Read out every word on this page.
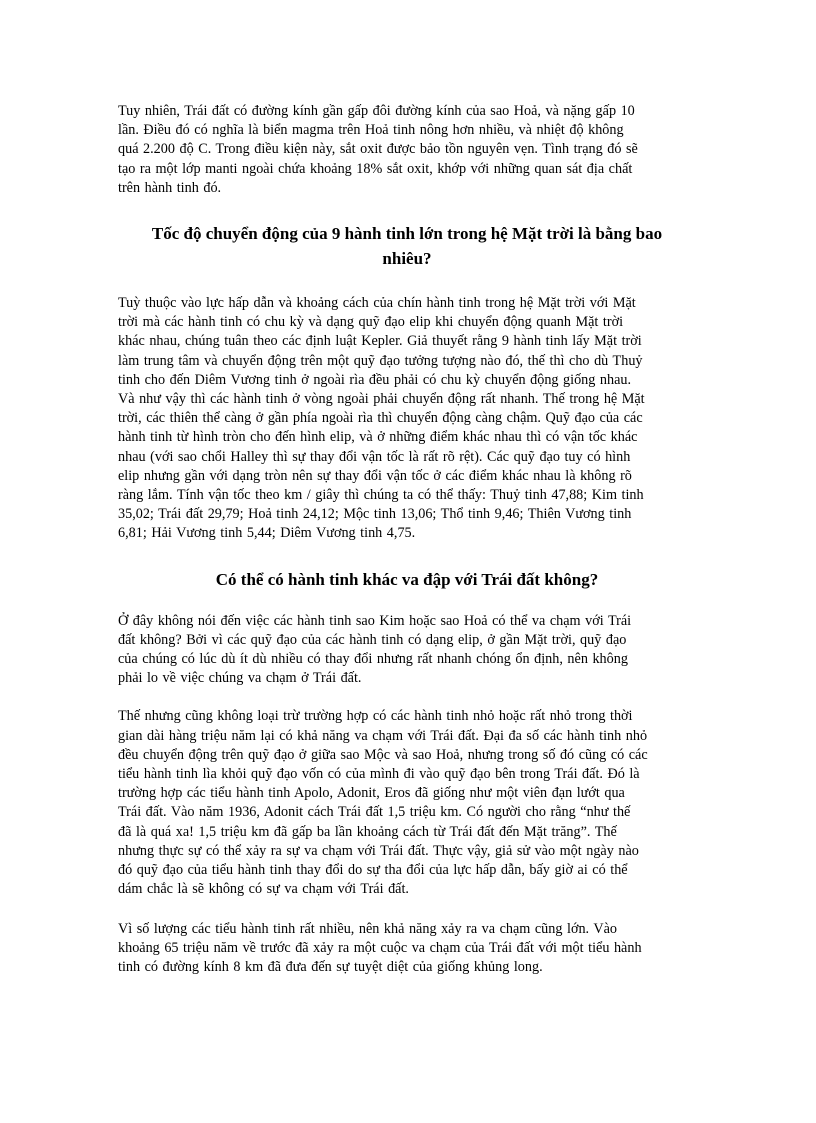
Tuy nhiên, Trái đất có đường kính gần gấp đôi đường kính của sao Hoả, và nặng gấp 10
lần. Điều đó có nghĩa là biển magma trên Hoả tinh nông hơn nhiều, và nhiệt độ không
quá 2.200 độ C. Trong điều kiện này, sắt oxit được bảo tồn nguyên vẹn. Tình trạng đó sẽ
tạo ra một lớp manti ngoài chứa khoảng 18% sắt oxit, khớp với những quan sát địa chất
trên hành tinh đó.

Tốc độ chuyển động của 9 hành tinh lớn trong hệ Mặt trời là bằng bao
nhiêu?

Tuỳ thuộc vào lực hấp dẫn và khoảng cách của chín hành tinh trong hệ Mặt trời với Mặt
trời mà các hành tinh có chu kỳ và dạng quỹ đạo elip khi chuyển động quanh Mặt trời
khác nhau, chúng tuân theo các định luật Kepler. Giả thuyết rằng 9 hành tinh lấy Mặt trời
làm trung tâm và chuyển động trên một quỹ đạo tưởng tượng nào đó, thế thì cho dù Thuỷ
tinh cho đến Diêm Vương tinh ở ngoài rìa đều phải có chu kỳ chuyển động giống nhau.
Và như vậy thì các hành tinh ở vòng ngoài phải chuyển động rất nhanh. Thế trong hệ Mặt
trời, các thiên thể càng ở gần phía ngoài rìa thì chuyển động càng chậm. Quỹ đạo của các
hành tinh từ hình tròn cho đến hình elip, và ở những điểm khác nhau thì có vận tốc khác
nhau (với sao chổi Halley thì sự thay đổi vận tốc là rất rõ rệt). Các quỹ đạo tuy có hình
elip nhưng gần với dạng tròn nên sự thay đổi vận tốc ở các điểm khác nhau là không rõ
ràng lắm. Tính vận tốc theo km / giây thì chúng ta có thể thấy: Thuỷ tinh 47,88; Kim tinh
35,02; Trái đất 29,79; Hoả tinh 24,12; Mộc tinh 13,06; Thổ tinh 9,46; Thiên Vương tinh
6,81; Hải Vương tinh 5,44; Diêm Vương tinh 4,75.

Có thể có hành tinh khác va đập với Trái đất không?

Ở đây không nói đến việc các hành tinh sao Kim hoặc sao Hoả có thể va chạm với Trái
đất không? Bởi vì các quỹ đạo của các hành tinh có dạng elip, ở gần Mặt trời, quỹ đạo
của chúng có lúc dù ít dù nhiều có thay đổi nhưng rất nhanh chóng ổn định, nên không
phải lo về việc chúng va chạm ở Trái đất.

Thế nhưng cũng không loại trừ trường hợp có các hành tinh nhỏ hoặc rất nhỏ trong thời
gian dài hàng triệu năm lại có khả năng va chạm với Trái đất. Đại đa số các hành tinh nhỏ
đều chuyển động trên quỹ đạo ở giữa sao Mộc và sao Hoả, nhưng trong số đó cũng có các
tiểu hành tinh lìa khỏi quỹ đạo vốn có của mình đi vào quỹ đạo bên trong Trái đất. Đó là
trường hợp các tiểu hành tinh Apolo, Adonit, Eros đã giống như một viên đạn lướt qua
Trái đất. Vào năm 1936, Adonit cách Trái đất 1,5 triệu km. Có người cho rằng “như thế
đã là quá xa! 1,5 triệu km đã gấp ba lần khoảng cách từ Trái đất đến Mặt trăng”. Thế
nhưng thực sự có thể xảy ra sự va chạm với Trái đất. Thực vậy, giả sử vào một ngày nào
đó quỹ đạo của tiểu hành tinh thay đổi do sự tha đổi của lực hấp dẫn, bấy giờ ai có thể
dám chắc là sẽ không có sự va chạm với Trái đất.

Vì số lượng các tiểu hành tinh rất nhiều, nên khả năng xảy ra va chạm cũng lớn. Vào
khoảng 65 triệu năm về trước đã xảy ra một cuộc va chạm của Trái đất với một tiểu hành
tinh có đường kính 8 km đã đưa đến sự tuyệt diệt của giống khủng long.
